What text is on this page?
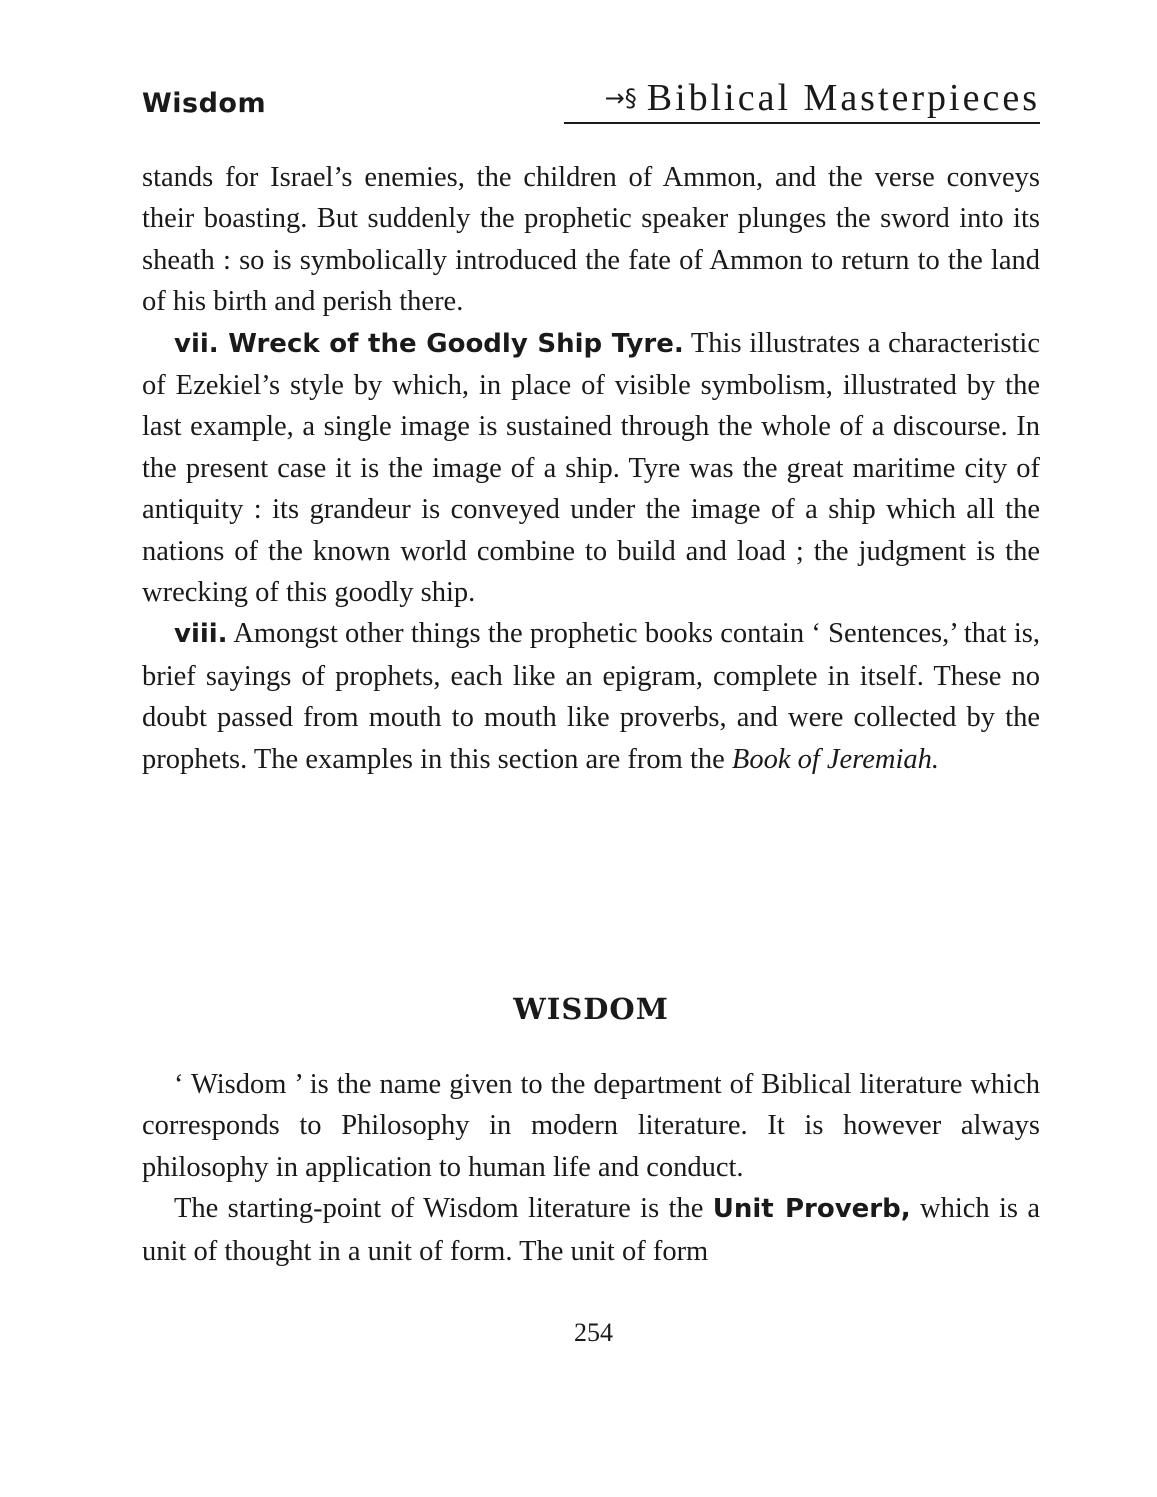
Wisdom	→§ Biblical Masterpieces

stands for Israel’s enemies, the children of Ammon, and the verse conveys their boasting. But suddenly the prophetic speaker plunges the sword into its sheath : so is symbolically introduced the fate of Ammon to return to the land of his birth and perish there.

vii. Wreck of the Goodly Ship Tyre. This illustrates a characteristic of Ezekiel’s style by which, in place of visible symbolism, illustrated by the last example, a single image is sustained through the whole of a discourse. In the present case it is the image of a ship. Tyre was the great maritime city of antiquity : its grandeur is conveyed under the image of a ship which all the nations of the known world combine to build and load ; the judgment is the wrecking of this goodly ship.

viii. Amongst other things the prophetic books contain ‘ Sentences,’ that is, brief sayings of prophets, each like an epigram, complete in itself. These no doubt passed from mouth to mouth like proverbs, and were collected by the prophets. The examples in this section are from the Book of Jeremiah.

WISDOM

‘ Wisdom ’ is the name given to the department of Biblical literature which corresponds to Philosophy in modern literature. It is however always philosophy in application to human life and conduct.

The starting-point of Wisdom literature is the Unit Proverb, which is a unit of thought in a unit of form. The unit of form

254
